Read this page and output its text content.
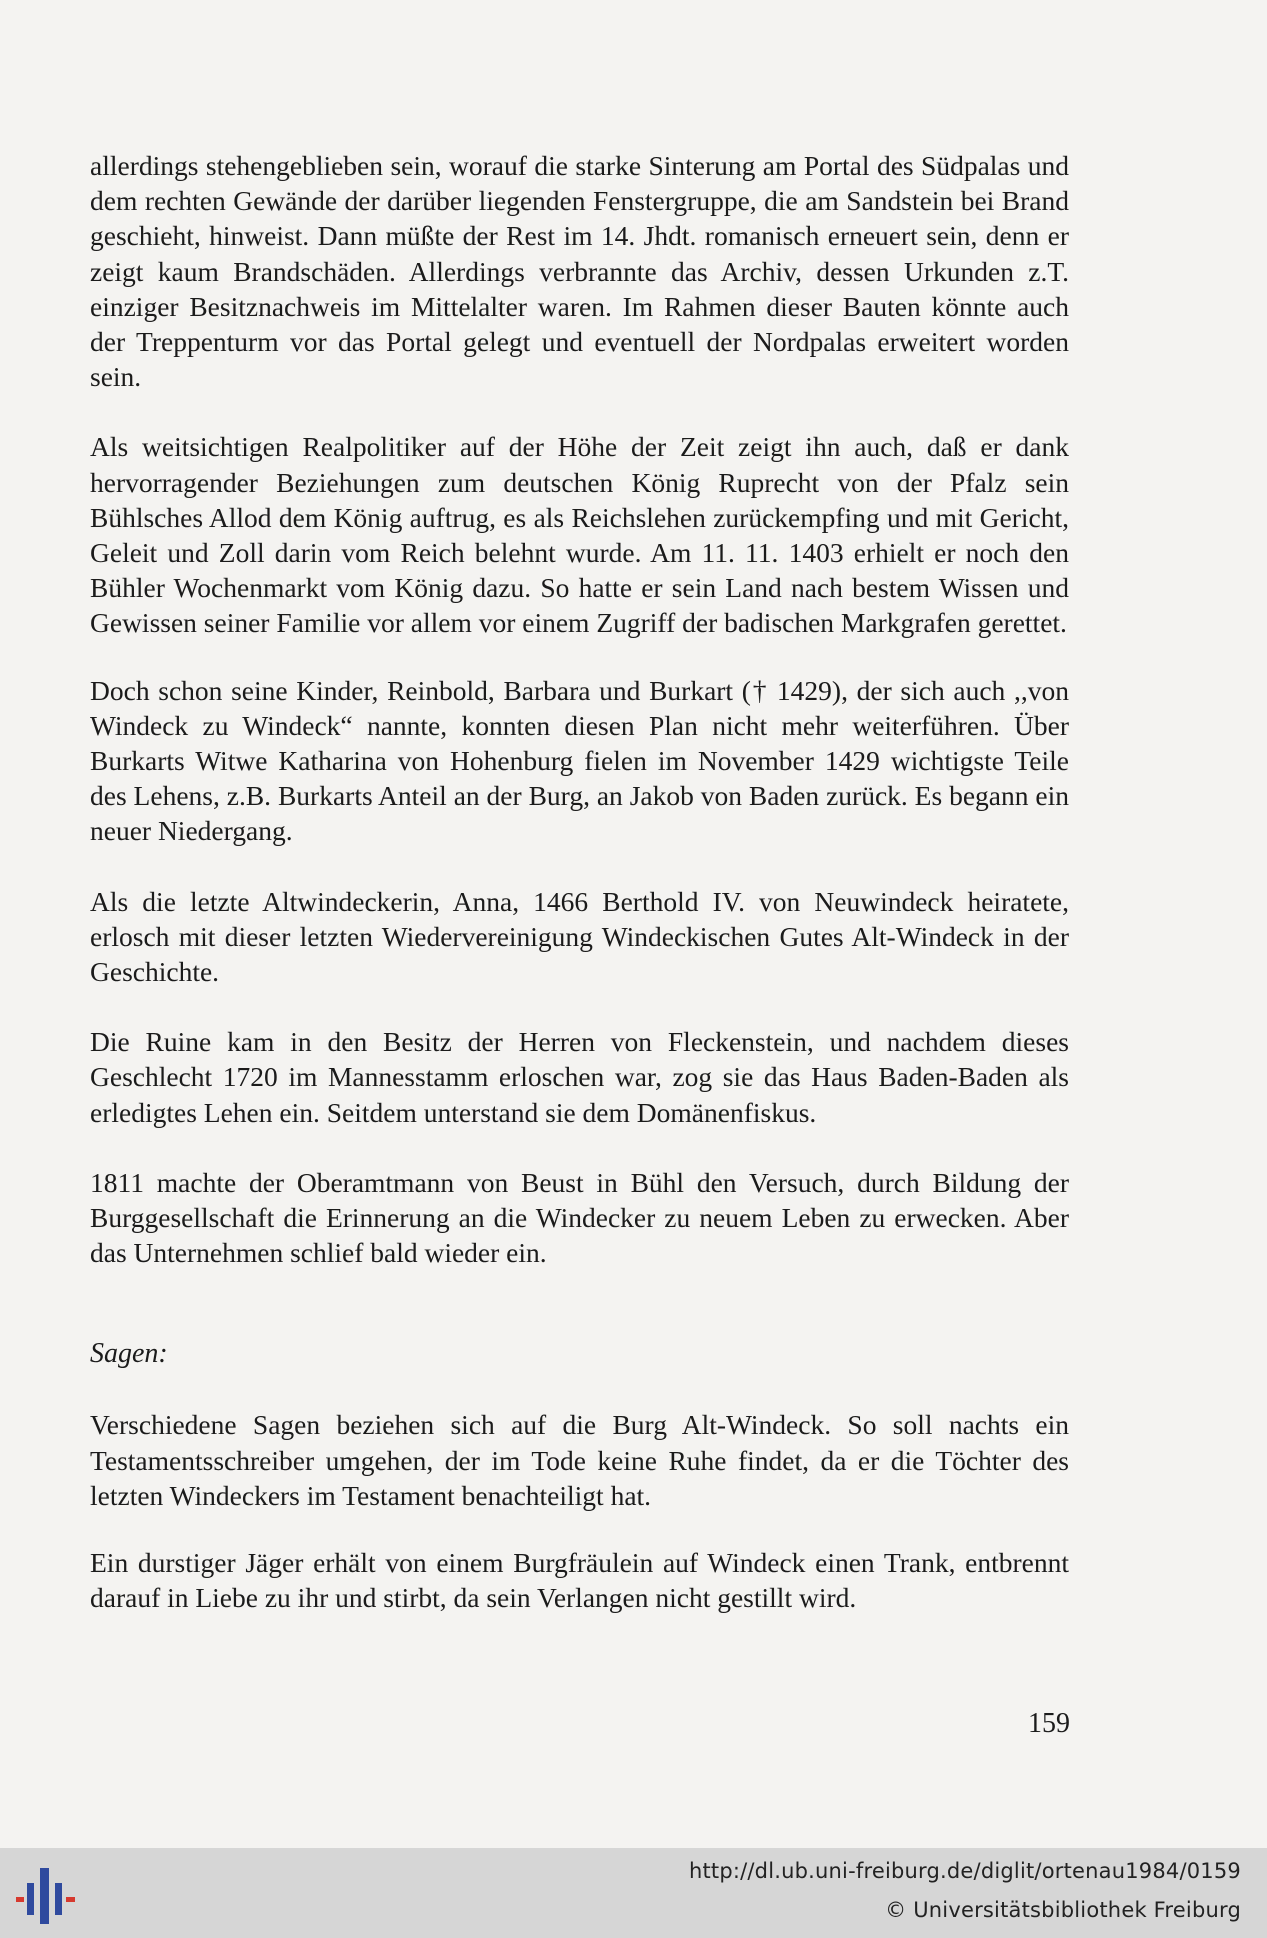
allerdings stehengeblieben sein, worauf die starke Sinterung am Portal des Südpalas und dem rechten Gewände der darüber liegenden Fenstergruppe, die am Sandstein bei Brand geschieht, hinweist. Dann müßte der Rest im 14. Jhdt. romanisch erneuert sein, denn er zeigt kaum Brandschäden. Allerdings verbrannte das Archiv, dessen Urkunden z.T. einziger Besitznachweis im Mittelalter waren. Im Rahmen dieser Bauten könnte auch der Treppenturm vor das Portal gelegt und eventuell der Nordpalas erweitert worden sein.

Als weitsichtigen Realpolitiker auf der Höhe der Zeit zeigt ihn auch, daß er dank hervorragender Beziehungen zum deutschen König Ruprecht von der Pfalz sein Bühlsches Allod dem König auftrug, es als Reichslehen zurückempfing und mit Gericht, Geleit und Zoll darin vom Reich belehnt wurde. Am 11. 11. 1403 erhielt er noch den Bühler Wochenmarkt vom König dazu. So hatte er sein Land nach bestem Wissen und Gewissen seiner Familie vor allem vor einem Zugriff der badischen Markgrafen gerettet.

Doch schon seine Kinder, Reinbold, Barbara und Burkart († 1429), der sich auch ,,von Windeck zu Windeck“ nannte, konnten diesen Plan nicht mehr weiterführen. Über Burkarts Witwe Katharina von Hohenburg fielen im November 1429 wichtigste Teile des Lehens, z.B. Burkarts Anteil an der Burg, an Jakob von Baden zurück. Es begann ein neuer Niedergang.

Als die letzte Altwindeckerin, Anna, 1466 Berthold IV. von Neuwindeck heiratete, erlosch mit dieser letzten Wiedervereinigung Windeckischen Gutes Alt-Windeck in der Geschichte.

Die Ruine kam in den Besitz der Herren von Fleckenstein, und nachdem dieses Geschlecht 1720 im Mannesstamm erloschen war, zog sie das Haus Baden-Baden als erledigtes Lehen ein. Seitdem unterstand sie dem Domänenfiskus.

1811 machte der Oberamtmann von Beust in Bühl den Versuch, durch Bildung der Burggesellschaft die Erinnerung an die Windecker zu neuem Leben zu erwecken. Aber das Unternehmen schlief bald wieder ein.

Sagen:

Verschiedene Sagen beziehen sich auf die Burg Alt-Windeck. So soll nachts ein Testamentsschreiber umgehen, der im Tode keine Ruhe findet, da er die Töchter des letzten Windeckers im Testament benachteiligt hat.

Ein durstiger Jäger erhält von einem Burgfräulein auf Windeck einen Trank, entbrennt darauf in Liebe zu ihr und stirbt, da sein Verlangen nicht gestillt wird.

159
http://dl.ub.uni-freiburg.de/diglit/ortenau1984/0159
© Universitätsbibliothek Freiburg
